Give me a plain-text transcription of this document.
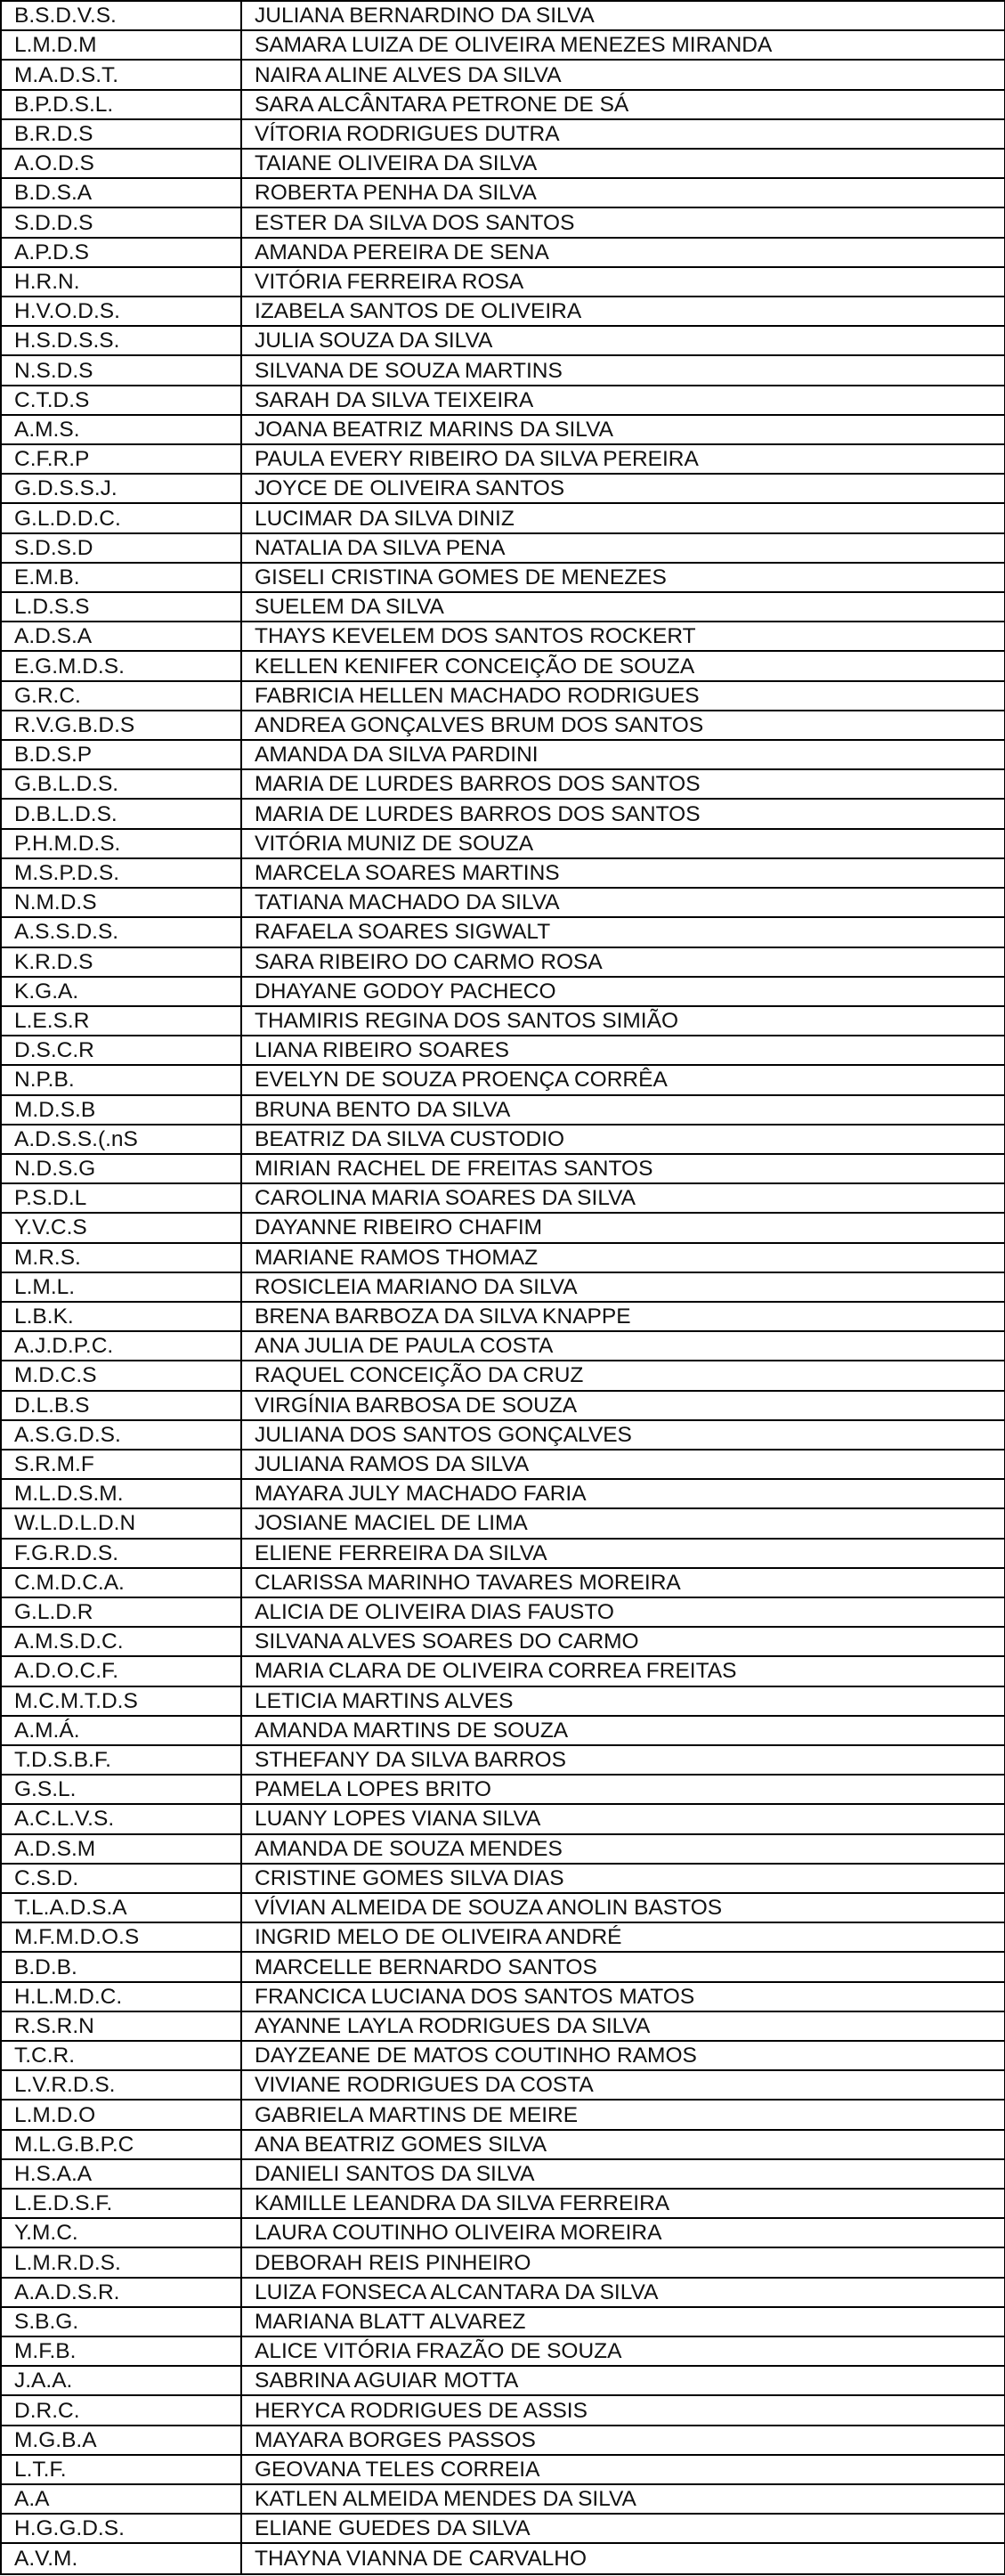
B.S.D.V.S.	JULIANA BERNARDINO DA SILVA
L.M.D.M	SAMARA LUIZA DE OLIVEIRA MENEZES MIRANDA
M.A.D.S.T.	NAIRA ALINE ALVES DA SILVA
B.P.D.S.L.	SARA ALCÂNTARA PETRONE DE SÁ
B.R.D.S	VÍTORIA RODRIGUES DUTRA
A.O.D.S	TAIANE OLIVEIRA DA SILVA
B.D.S.A	ROBERTA PENHA DA SILVA
S.D.D.S	ESTER DA SILVA DOS SANTOS
A.P.D.S	AMANDA PEREIRA DE SENA
H.R.N.	VITÓRIA FERREIRA ROSA
H.V.O.D.S.	IZABELA SANTOS DE OLIVEIRA
H.S.D.S.S.	JULIA SOUZA DA SILVA
N.S.D.S	SILVANA DE SOUZA MARTINS
C.T.D.S	SARAH DA SILVA TEIXEIRA
A.M.S.	JOANA BEATRIZ MARINS DA SILVA
C.F.R.P	PAULA EVERY RIBEIRO DA SILVA PEREIRA
G.D.S.S.J.	JOYCE DE OLIVEIRA SANTOS
G.L.D.D.C.	LUCIMAR DA SILVA DINIZ
S.D.S.D	NATALIA DA SILVA PENA
E.M.B.	GISELI CRISTINA GOMES DE MENEZES
L.D.S.S	SUELEM DA SILVA
A.D.S.A	THAYS KEVELEM DOS SANTOS ROCKERT
E.G.M.D.S.	KELLEN KENIFER CONCEIÇÃO DE SOUZA
G.R.C.	FABRICIA HELLEN MACHADO RODRIGUES
R.V.G.B.D.S	ANDREA GONÇALVES BRUM DOS SANTOS
B.D.S.P	AMANDA DA SILVA PARDINI
G.B.L.D.S.	MARIA DE LURDES BARROS DOS SANTOS
D.B.L.D.S.	MARIA DE LURDES BARROS DOS SANTOS
P.H.M.D.S.	VITÓRIA MUNIZ DE SOUZA
M.S.P.D.S.	MARCELA SOARES MARTINS
N.M.D.S	TATIANA MACHADO DA SILVA
A.S.S.D.S.	RAFAELA SOARES SIGWALT
K.R.D.S	SARA RIBEIRO DO CARMO ROSA
K.G.A.	DHAYANE GODOY PACHECO
L.E.S.R	THAMIRIS REGINA DOS SANTOS SIMIÃO
D.S.C.R	LIANA RIBEIRO SOARES
N.P.B.	EVELYN DE SOUZA PROENÇA CORRÊA
M.D.S.B	BRUNA BENTO DA SILVA
A.D.S.S.(.nS	BEATRIZ DA SILVA CUSTODIO
N.D.S.G	MIRIAN RACHEL DE FREITAS SANTOS
P.S.D.L	CAROLINA MARIA SOARES DA SILVA
Y.V.C.S	DAYANNE RIBEIRO CHAFIM
M.R.S.	MARIANE RAMOS THOMAZ
L.M.L.	ROSICLEIA MARIANO DA SILVA
L.B.K.	BRENA BARBOZA DA SILVA KNAPPE
A.J.D.P.C.	ANA JULIA DE PAULA COSTA
M.D.C.S	RAQUEL CONCEIÇÃO DA CRUZ
D.L.B.S	VIRGÍNIA BARBOSA DE SOUZA
A.S.G.D.S.	JULIANA DOS SANTOS GONÇALVES
S.R.M.F	JULIANA RAMOS DA SILVA
M.L.D.S.M.	MAYARA JULY MACHADO FARIA
W.L.D.L.D.N	JOSIANE MACIEL DE LIMA
F.G.R.D.S.	ELIENE FERREIRA DA SILVA
C.M.D.C.A.	CLARISSA MARINHO TAVARES MOREIRA
G.L.D.R	ALICIA DE OLIVEIRA DIAS FAUSTO
A.M.S.D.C.	SILVANA ALVES SOARES DO CARMO
A.D.O.C.F.	MARIA CLARA DE OLIVEIRA CORREA FREITAS
M.C.M.T.D.S	LETICIA MARTINS ALVES
A.M.Á.	AMANDA MARTINS DE SOUZA
T.D.S.B.F.	STHEFANY DA SILVA BARROS
G.S.L.	PAMELA LOPES BRITO
A.C.L.V.S.	LUANY LOPES VIANA SILVA
A.D.S.M	AMANDA DE SOUZA MENDES
C.S.D.	CRISTINE GOMES SILVA DIAS
T.L.A.D.S.A	VÍVIAN ALMEIDA DE SOUZA ANOLIN BASTOS
M.F.M.D.O.S	INGRID MELO DE OLIVEIRA ANDRÉ
B.D.B.	MARCELLE BERNARDO SANTOS
H.L.M.D.C.	FRANCICA LUCIANA DOS SANTOS MATOS
R.S.R.N	AYANNE LAYLA RODRIGUES DA SILVA
T.C.R.	DAYZEANE DE MATOS COUTINHO RAMOS
L.V.R.D.S.	VIVIANE RODRIGUES DA COSTA
L.M.D.O	GABRIELA MARTINS DE MEIRE
M.L.G.B.P.C	ANA BEATRIZ GOMES SILVA
H.S.A.A	DANIELI SANTOS DA SILVA
L.E.D.S.F.	KAMILLE LEANDRA DA SILVA FERREIRA
Y.M.C.	LAURA COUTINHO OLIVEIRA MOREIRA
L.M.R.D.S.	DEBORAH REIS PINHEIRO
A.A.D.S.R.	LUIZA FONSECA ALCANTARA DA SILVA
S.B.G.	MARIANA BLATT ALVAREZ
M.F.B.	ALICE VITÓRIA FRAZÃO DE SOUZA
J.A.A.	SABRINA AGUIAR MOTTA
D.R.C.	HERYCA RODRIGUES DE ASSIS
M.G.B.A	MAYARA BORGES PASSOS
L.T.F.	GEOVANA TELES CORREIA
A.A	KATLEN ALMEIDA MENDES DA SILVA
H.G.G.D.S.	ELIANE GUEDES DA SILVA
A.V.M.	THAYNA VIANNA DE CARVALHO
